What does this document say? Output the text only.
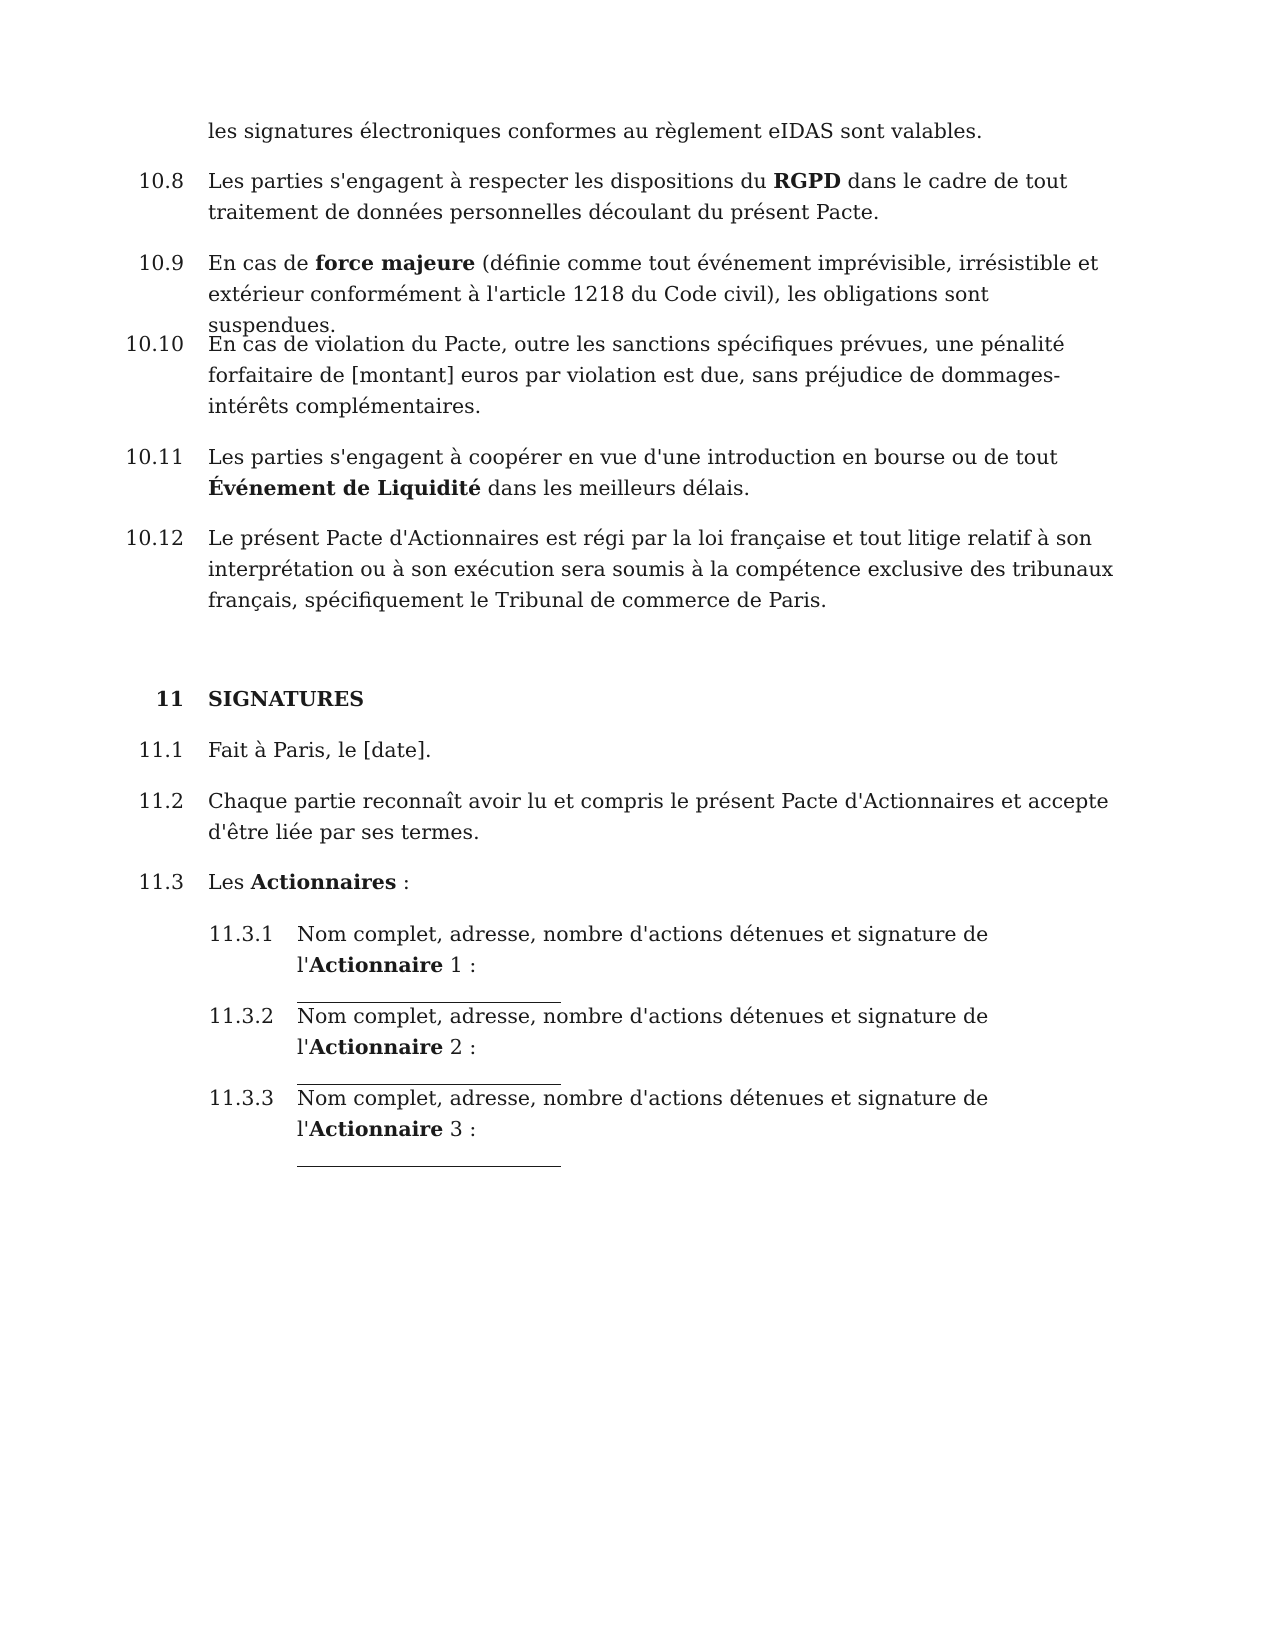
les signatures électroniques conformes au règlement eIDAS sont valables.
10.8 Les parties s'engagent à respecter les dispositions du RGPD dans le cadre de tout traitement de données personnelles découlant du présent Pacte.
10.9 En cas de force majeure (définie comme tout événement imprévisible, irrésistible et extérieur conformément à l'article 1218 du Code civil), les obligations sont suspendues.
10.10 En cas de violation du Pacte, outre les sanctions spécifiques prévues, une pénalité forfaitaire de [montant] euros par violation est due, sans préjudice de dommages-intérêts complémentaires.
10.11 Les parties s'engagent à coopérer en vue d'une introduction en bourse ou de tout Événement de Liquidité dans les meilleurs délais.
10.12 Le présent Pacte d'Actionnaires est régi par la loi française et tout litige relatif à son interprétation ou à son exécution sera soumis à la compétence exclusive des tribunaux français, spécifiquement le Tribunal de commerce de Paris.
11 SIGNATURES
11.1 Fait à Paris, le [date].
11.2 Chaque partie reconnaît avoir lu et compris le présent Pacte d'Actionnaires et accepte d'être liée par ses termes.
11.3 Les Actionnaires :
11.3.1 Nom complet, adresse, nombre d'actions détenues et signature de l'Actionnaire 1 :
11.3.2 Nom complet, adresse, nombre d'actions détenues et signature de l'Actionnaire 2 :
11.3.3 Nom complet, adresse, nombre d'actions détenues et signature de l'Actionnaire 3 :
